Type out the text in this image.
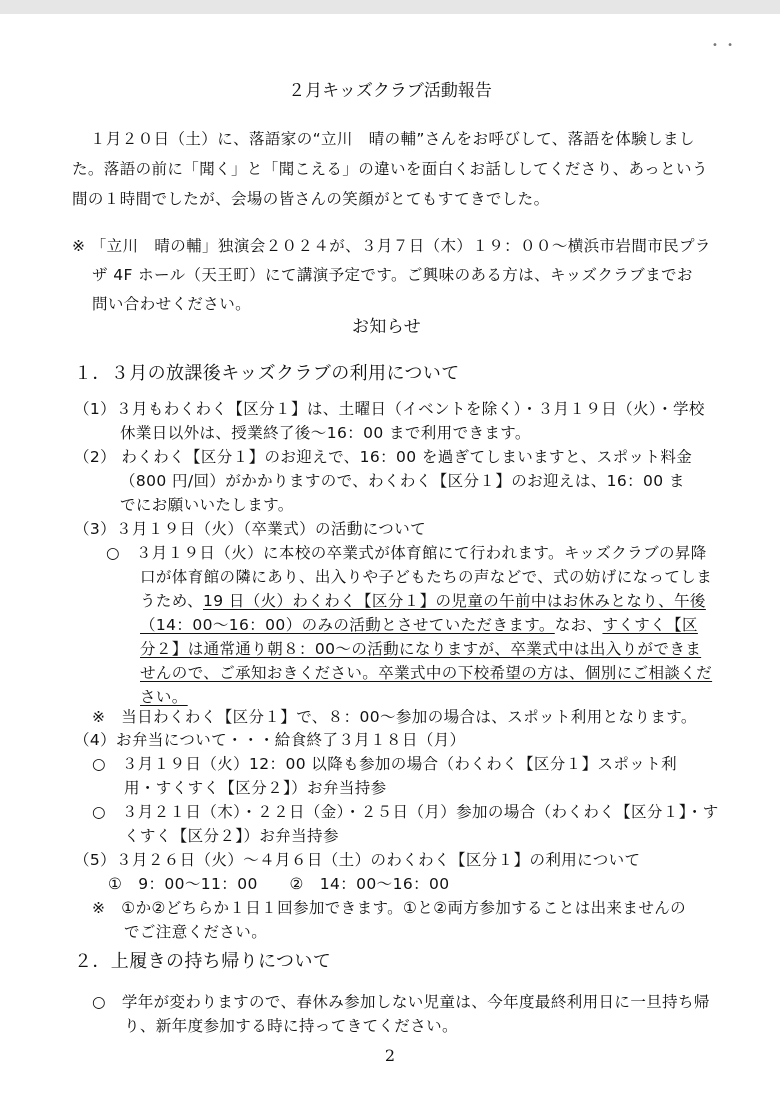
• •
２月キッズクラブ活動報告
１月２０日（土）に、落語家の“立川　晴の輔”さんをお呼びして、落語を体験しまし
た。落語の前に「聞く」と「聞こえる」の違いを面白くお話ししてくださり、あっという
間の１時間でしたが、会場の皆さんの笑顔がとてもすてきでした。
※ 「立川　晴の輔」独演会２０２４が、３月７日（木）１９：００～横浜市岩間市民プラ
ザ 4F ホール（天王町）にて講演予定です。ご興味のある方は、キッズクラブまでお
問い合わせください。
お知らせ
１．３月の放課後キッズクラブの利用について
（1）３月もわくわく【区分１】は、土曜日（イベントを除く）・３月１９日（火）・学校
休業日以外は、授業終了後～16：00 まで利用できます。
（2） わくわく【区分１】のお迎えで、16：00 を過ぎてしまいますと、スポット料金
（800 円/回）がかかりますので、わくわく【区分１】のお迎えは、16：00 ま
でにお願いいたします。
（3）３月１９日（火）（卒業式）の活動について
○　３月１９日（火）に本校の卒業式が体育館にて行われます。キッズクラブの昇降
口が体育館の隣にあり、出入りや子どもたちの声などで、式の妨げになってしま
うため、19 日（火）わくわく【区分１】の児童の午前中はお休みとなり、午後
（14：00～16：00）のみの活動とさせていただきます。なお、すくすく【区
分２】は通常通り朝８：00～の活動になりますが、卒業式中は出入りができま
せんので、ご承知おきください。卒業式中の下校希望の方は、個別にご相談くだ
さい。
※　当日わくわく【区分１】で、８：00～参加の場合は、スポット利用となります。
（4）お弁当について・・・給食終了３月１８日（月）
○　３月１９日（火）12：00 以降も参加の場合（わくわく【区分１】スポット利
用・すくすく【区分２】）お弁当持参
○　３月２１日（木）・２２日（金）・２５日（月）参加の場合（わくわく【区分１】・す
くすく【区分２】）お弁当持参
（5）３月２６日（火）～４月６日（土）のわくわく【区分１】の利用について
①　9：00～11：00　　②　14：00～16：00
※　①か②どちらか１日１回参加できます。①と②両方参加することは出来ませんの
でご注意ください。
２．上履きの持ち帰りについて
○　学年が変わりますので、春休み参加しない児童は、今年度最終利用日に一旦持ち帰
り、新年度参加する時に持ってきてください。
2
